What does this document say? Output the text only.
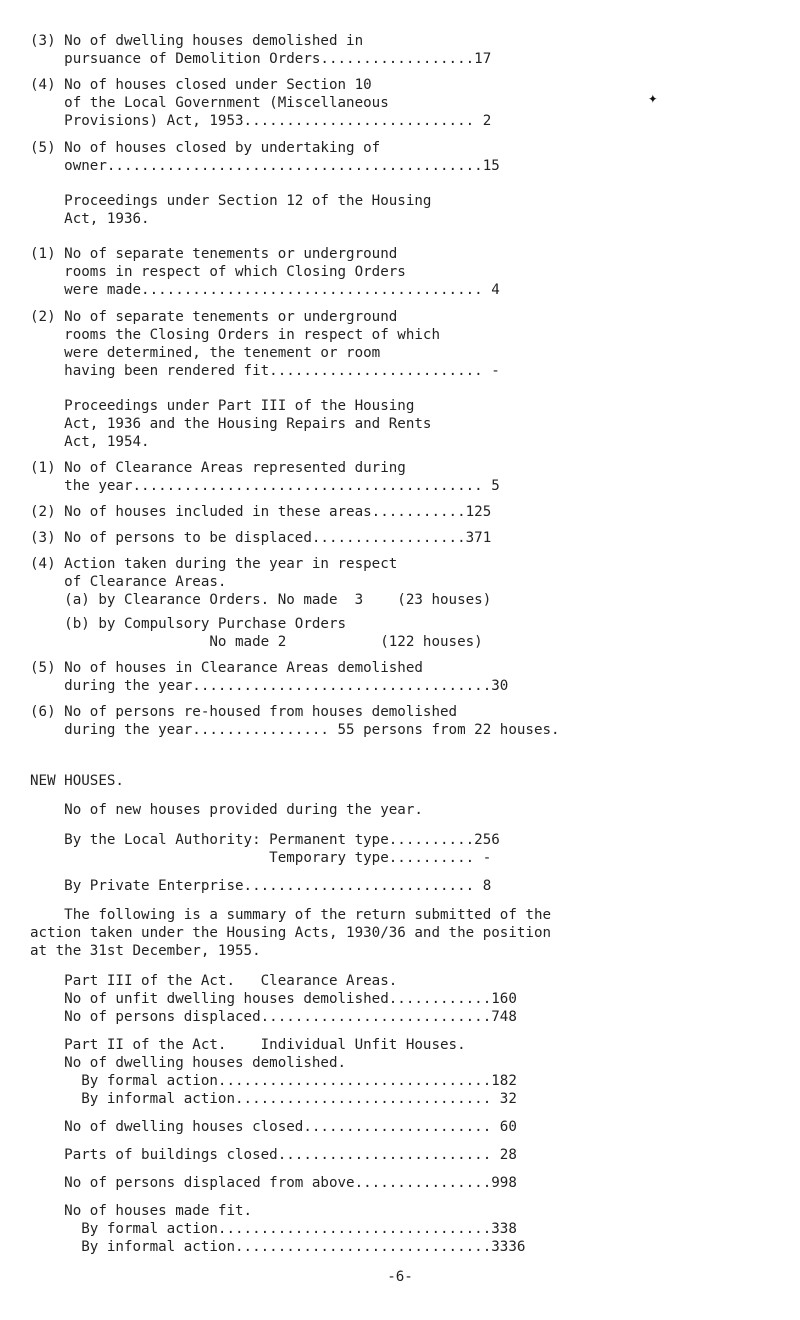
(3) No of dwelling houses demolished in

pursuance of Demolition Orders..................17

(4) No of houses closed under Section 10

of the Local Government (Miscellaneous

Provisions) Act, 1953........................... 2

(5) No of houses closed by undertaking of

owner............................................15

Proceedings under Section 12 of the Housing

Act, 1936.

(1) No of separate tenements or underground

rooms in respect of which Closing Orders

were made........................................ 4

(2) No of separate tenements or underground

rooms the Closing Orders in respect of which

were determined, the tenement or room

having been rendered fit......................... -

Proceedings under Part III of the Housing

Act, 1936 and the Housing Repairs and Rents

Act, 1954.

(1) No of Clearance Areas represented during

the year......................................... 5

(2) No of houses included in these areas...........125

(3) No of persons to be displaced..................371

(4) Action taken during the year in respect

of Clearance Areas.

(a) by Clearance Orders. No made  3    (23 houses)

(b) by Compulsory Purchase Orders

No made 2           (122 houses)

(5) No of houses in Clearance Areas demolished

during the year...................................30

(6) No of persons re-housed from houses demolished

during the year................ 55 persons from 22 houses.

NEW HOUSES.

No of new houses provided during the year.

By the Local Authority: Permanent type..........256

Temporary type.......... -

By Private Enterprise........................... 8

The following is a summary of the return submitted of the

action taken under the Housing Acts, 1930/36 and the position

at the 31st December, 1955.

Part III of the Act.   Clearance Areas.

No of unfit dwelling houses demolished............160

No of persons displaced...........................748

Part II of the Act.    Individual Unfit Houses.

No of dwelling houses demolished.

By formal action................................182

By informal action.............................. 32

No of dwelling houses closed...................... 60

Parts of buildings closed......................... 28

No of persons displaced from above................998

No of houses made fit.

By formal action................................338

By informal action..............................3336

✦
-6-
